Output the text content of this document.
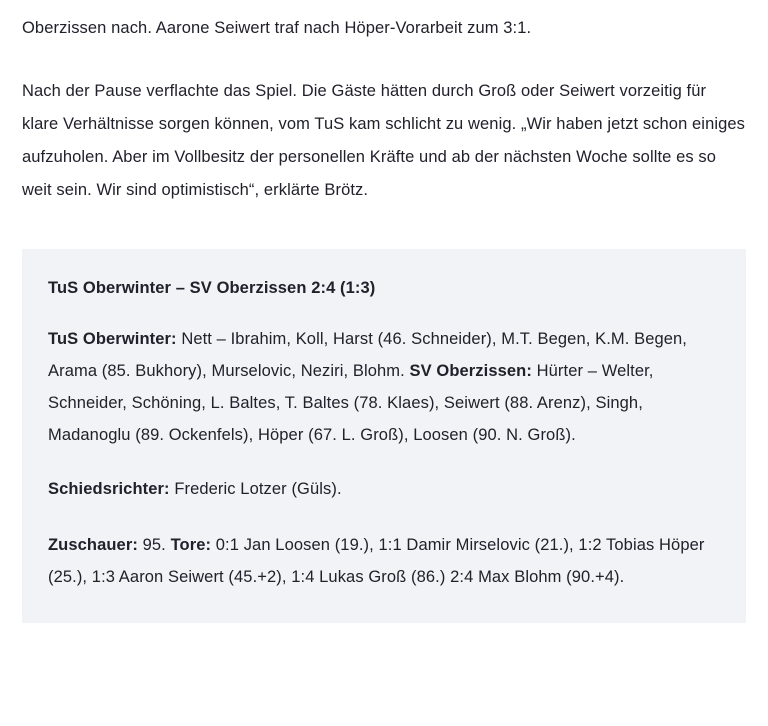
Oberzissen nach. Aarone Seiwert traf nach Höper-Vorarbeit zum 3:1.

Nach der Pause verflachte das Spiel. Die Gäste hätten durch Groß oder Seiwert vorzeitig für klare Verhältnisse sorgen können, vom TuS kam schlicht zu wenig. „Wir haben jetzt schon einiges aufzuholen. Aber im Vollbesitz der personellen Kräfte und ab der nächsten Woche sollte es so weit sein. Wir sind optimistisch“, erklärte Brötz.

TuS Oberwinter – SV Oberzissen 2:4 (1:3)

TuS Oberwinter: Nett – Ibrahim, Koll, Harst (46. Schneider), M.T. Begen, K.M. Begen, Arama (85. Bukhory), Murselovic, Neziri, Blohm. SV Oberzissen: Hürter – Welter, Schneider, Schöning, L. Baltes, T. Baltes (78. Klaes), Seiwert (88. Arenz), Singh, Madanoglu (89. Ockenfels), Höper (67. L. Groß), Loosen (90. N. Groß).

Schiedsrichter: Frederic Lotzer (Güls).

Zuschauer: 95. Tore: 0:1 Jan Loosen (19.), 1:1 Damir Mirselovic (21.), 1:2 Tobias Höper (25.), 1:3 Aaron Seiwert (45.+2), 1:4 Lukas Groß (86.) 2:4 Max Blohm (90.+4).
